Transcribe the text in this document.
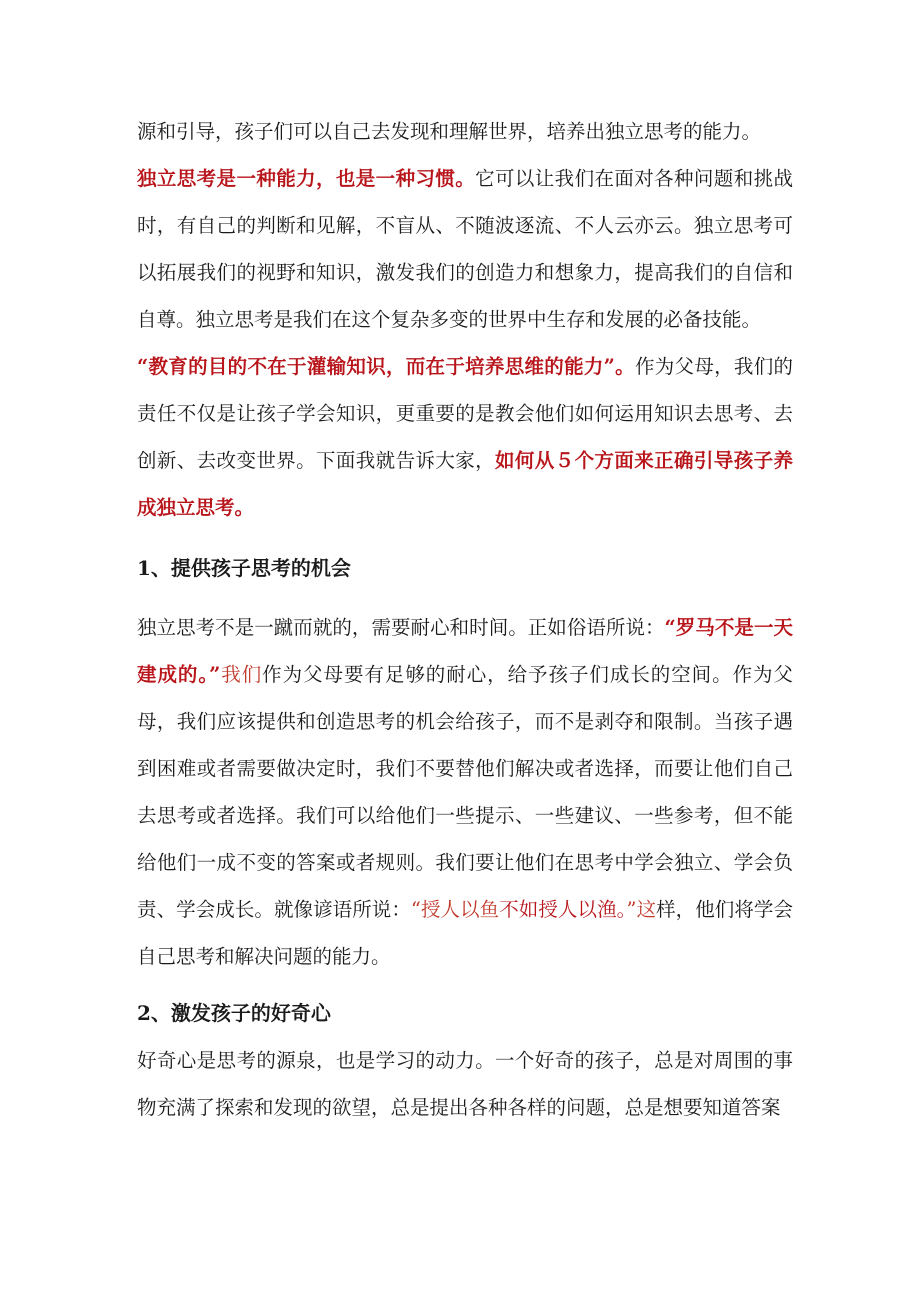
源和引导，孩子们可以自己去发现和理解世界，培养出独立思考的能力。

独立思考是一种能力，也是一种习惯。它可以让我们在面对各种问题和挑战时，有自己的判断和见解，不盲从、不随波逐流、不人云亦云。独立思考可以拓展我们的视野和知识，激发我们的创造力和想象力，提高我们的自信和自尊。独立思考是我们在这个复杂多变的世界中生存和发展的必备技能。

“教育的目的不在于灌输知识，而在于培养思维的能力”。作为父母，我们的责任不仅是让孩子学会知识，更重要的是教会他们如何运用知识去思考、去创新、去改变世界。下面我就告诉大家，如何从５个方面来正确引导孩子养成独立思考。

1、提供孩子思考的机会

独立思考不是一蹴而就的，需要耐心和时间。正如俗语所说：“罗马不是一天建成的。”我们作为父母要有足够的耐心，给予孩子们成长的空间。作为父母，我们应该提供和创造思考的机会给孩子，而不是剥夺和限制。当孩子遇到困难或者需要做决定时，我们不要替他们解决或者选择，而要让他们自己去思考或者选择。我们可以给他们一些提示、一些建议、一些参考，但不能给他们一成不变的答案或者规则。我们要让他们在思考中学会独立、学会负责、学会成长。就像谚语所说：“授人以鱼不如授人以渔。”这样，他们将学会自己思考和解决问题的能力。

2、激发孩子的好奇心

好奇心是思考的源泉，也是学习的动力。一个好奇的孩子，总是对周围的事物充满了探索和发现的欲望，总是提出各种各样的问题，总是想要知道答案
